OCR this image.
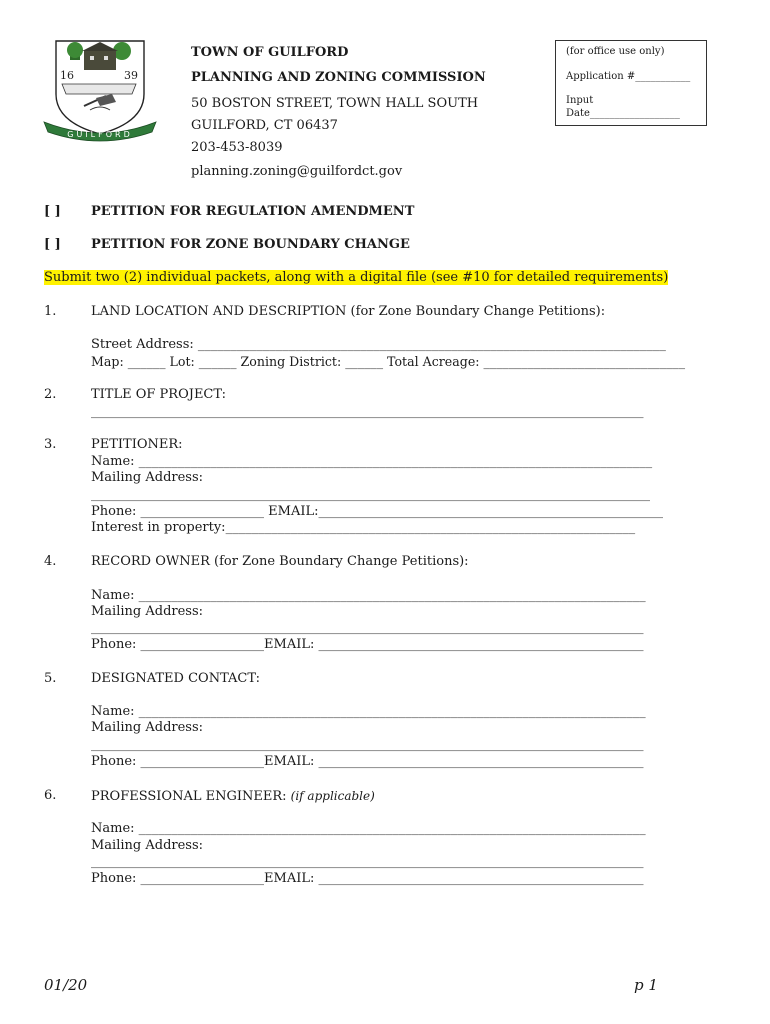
16	39
GUILFORD
TOWN OF GUILFORD
PLANNING AND ZONING COMMISSION
50 BOSTON STREET, TOWN HALL SOUTH
GUILFORD, CT 06437
203-453-8039
planning.zoning@guilfordct.gov
(for office use only)
Application #___________
Input
Date__________________
[ ] PETITION FOR REGULATION AMENDMENT
[ ] PETITION FOR ZONE BOUNDARY CHANGE
Submit two (2) individual packets, along with a digital file (see #10 for detailed requirements)
1.	LAND LOCATION AND DESCRIPTION (for Zone Boundary Change Petitions):
Street Address: ________________________________________________________________________
Map: ______ Lot: ______ Zoning District: ______ Total Acreage: ________________________________
2.	TITLE OF PROJECT:
_____________________________________________________________________________________
3.	PETITIONER:
Name: _______________________________________________________________________________
Mailing Address:
______________________________________________________________________________________
Phone: ___________________ EMAIL:_____________________________________________________
Interest in property:_______________________________________________________________
4.	RECORD OWNER (for Zone Boundary Change Petitions):
Name: ______________________________________________________________________________
Mailing Address:
_____________________________________________________________________________________
Phone: ___________________EMAIL: __________________________________________________
5.	DESIGNATED CONTACT:
Name: ______________________________________________________________________________
Mailing Address:
_____________________________________________________________________________________
Phone: ___________________EMAIL: __________________________________________________
6.	PROFESSIONAL ENGINEER: (if applicable)
Name: ______________________________________________________________________________
Mailing Address:
_____________________________________________________________________________________
Phone: ___________________EMAIL: __________________________________________________
01/20	p 1
